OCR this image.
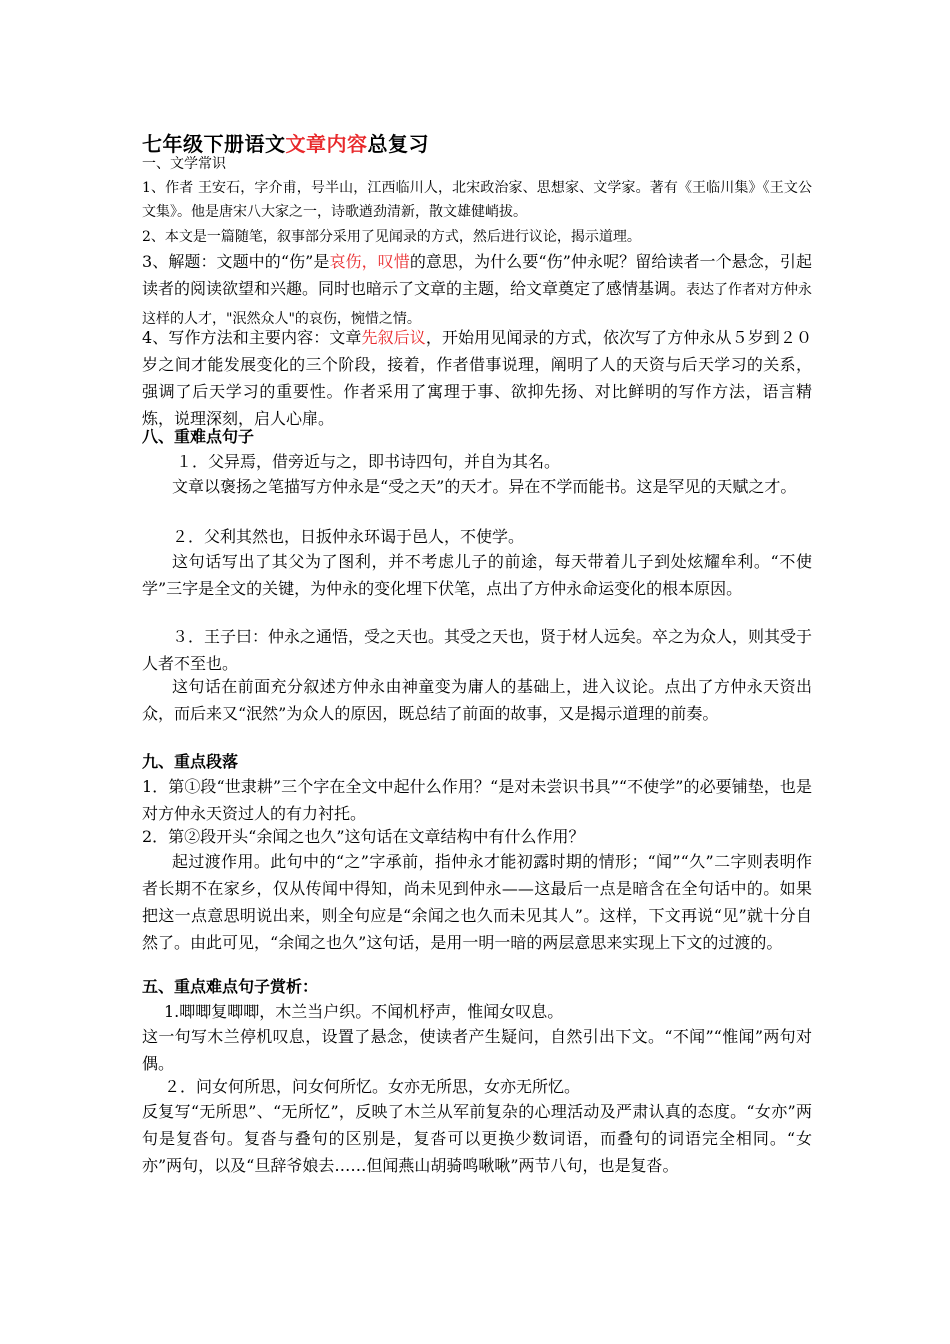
七年级下册语文文章内容总复习

一、文学常识

1、作者 王安石，字介甫，号半山，江西临川人，北宋政治家、思想家、文学家。著有《王临川集》《王文公文集》。他是唐宋八大家之一，诗歌遒劲清新，散文雄健峭拔。

2、本文是一篇随笔，叙事部分采用了见闻录的方式，然后进行议论，揭示道理。

3、解题：文题中的“伤”是哀伤，叹惜的意思，为什么要“伤”仲永呢？留给读者一个悬念，引起读者的阅读欲望和兴趣。同时也暗示了文章的主题，给文章奠定了感情基调。表达了作者对方仲永这样的人才，"泯然众人"的哀伤，惋惜之情。

4、写作方法和主要内容：文章先叙后议，开始用见闻录的方式，依次写了方仲永从５岁到２０岁之间才能发展变化的三个阶段，接着，作者借事说理，阐明了人的天资与后天学习的关系，强调了后天学习的重要性。作者采用了寓理于事、欲抑先扬、对比鲜明的写作方法，语言精炼，说理深刻，启人心扉。

八、重难点句子

１．父异焉，借旁近与之，即书诗四句，并自为其名。

文章以褒扬之笔描写方仲永是“受之天”的天才。异在不学而能书。这是罕见的天赋之才。

２．父利其然也，日扳仲永环谒于邑人，不使学。

这句话写出了其父为了图利，并不考虑儿子的前途，每天带着儿子到处炫耀牟利。“不使学”三字是全文的关键，为仲永的变化埋下伏笔，点出了方仲永命运变化的根本原因。

３．王子曰：仲永之通悟，受之天也。其受之天也，贤于材人远矣。卒之为众人，则其受于人者不至也。

这句话在前面充分叙述方仲永由神童变为庸人的基础上，进入议论。点出了方仲永天资出众，而后来又“泯然”为众人的原因，既总结了前面的故事，又是揭示道理的前奏。

九、重点段落

1．第①段“世隶耕”三个字在全文中起什么作用？“是对未尝识书具”“不使学”的必要铺垫，也是对方仲永天资过人的有力衬托。

2．第②段开头“余闻之也久”这句话在文章结构中有什么作用？

起过渡作用。此句中的“之”字承前，指仲永才能初露时期的情形；“闻”“久”二字则表明作者长期不在家乡，仅从传闻中得知，尚未见到仲永——这最后一点是暗含在全句话中的。如果把这一点意思明说出来，则全句应是“余闻之也久而未见其人”。这样，下文再说“见”就十分自然了。由此可见，“余闻之也久”这句话，是用一明一暗的两层意思来实现上下文的过渡的。

五、重点难点句子赏析：

1.唧唧复唧唧，木兰当户织。不闻机杼声，惟闻女叹息。

这一句写木兰停机叹息，设置了悬念，使读者产生疑问，自然引出下文。“不闻”“惟闻”两句对偶。

２．问女何所思，问女何所忆。女亦无所思，女亦无所忆。

反复写“无所思”、“无所忆”，反映了木兰从军前复杂的心理活动及严肃认真的态度。“女亦”两句是复沓句。复沓与叠句的区别是，复沓可以更换少数词语，而叠句的词语完全相同。“女亦”两句，以及“旦辞爷娘去……但闻燕山胡骑鸣啾啾”两节八句，也是复沓。
